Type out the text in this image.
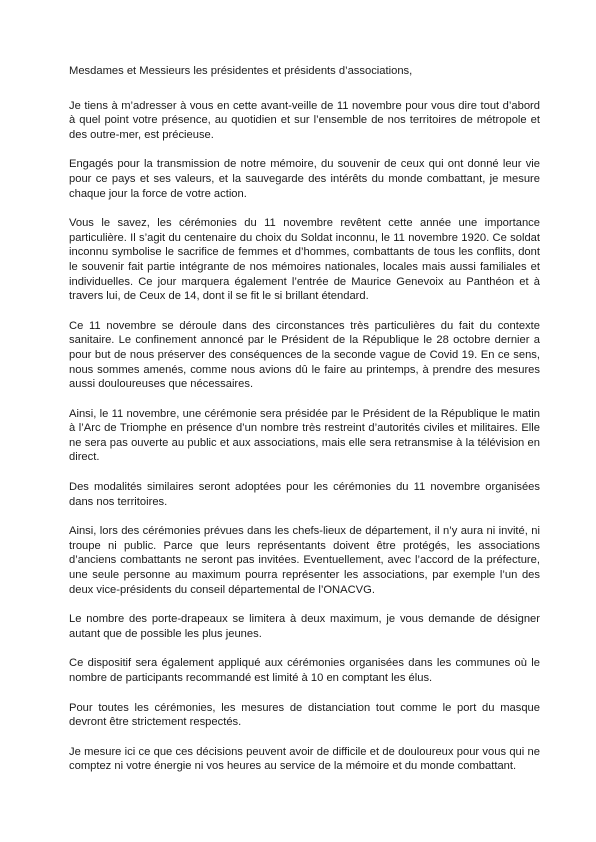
Mesdames et Messieurs les présidentes et présidents d’associations,

Je tiens à m’adresser à vous en cette avant-veille de 11 novembre pour vous dire tout d’abord à quel point votre présence, au quotidien et sur l’ensemble de nos territoires de métropole et des outre-mer, est précieuse.

Engagés pour la transmission de notre mémoire, du souvenir de ceux qui ont donné leur vie pour ce pays et ses valeurs, et la sauvegarde des intérêts du monde combattant, je mesure chaque jour la force de votre action.

Vous le savez, les cérémonies du 11 novembre revêtent cette année une importance particulière. Il s’agit du centenaire du choix du Soldat inconnu, le 11 novembre 1920. Ce soldat inconnu symbolise le sacrifice de femmes et d’hommes, combattants de tous les conflits, dont le souvenir fait partie intégrante de nos mémoires nationales, locales mais aussi familiales et individuelles. Ce jour marquera également l’entrée de Maurice Genevoix au Panthéon et à travers lui, de Ceux de 14, dont il se fit le si brillant étendard.

Ce 11 novembre se déroule dans des circonstances très particulières du fait du contexte sanitaire. Le confinement annoncé par le Président de la République le 28 octobre dernier a pour but de nous préserver des conséquences de la seconde vague de Covid 19. En ce sens, nous sommes amenés, comme nous avions dû le faire au printemps, à prendre des mesures aussi douloureuses que nécessaires.

Ainsi, le 11 novembre, une cérémonie sera présidée par le Président de la République le matin à l’Arc de Triomphe en présence d’un nombre très restreint d’autorités civiles et militaires. Elle ne sera pas ouverte au public et aux associations, mais elle sera retransmise à la télévision en direct.

Des modalités similaires seront adoptées pour les cérémonies du 11 novembre organisées dans nos territoires.

Ainsi, lors des cérémonies prévues dans les chefs-lieux de département, il n’y aura ni invité, ni troupe ni public. Parce que leurs représentants doivent être protégés, les associations d’anciens combattants ne seront pas invitées. Eventuellement, avec l’accord de la préfecture, une seule personne au maximum pourra représenter les associations, par exemple l’un des deux vice-présidents du conseil départemental de l’ONACVG.

Le nombre des porte-drapeaux se limitera à deux maximum, je vous demande de désigner autant que de possible les plus jeunes.

Ce dispositif sera également appliqué aux cérémonies organisées dans les communes où le nombre de participants recommandé est limité à 10 en comptant les élus.

Pour toutes les cérémonies, les mesures de distanciation tout comme le port du masque devront être strictement respectés.

Je mesure ici ce que ces décisions peuvent avoir de difficile et de douloureux pour vous qui ne comptez ni votre énergie ni vos heures au service de la mémoire et du monde combattant.
